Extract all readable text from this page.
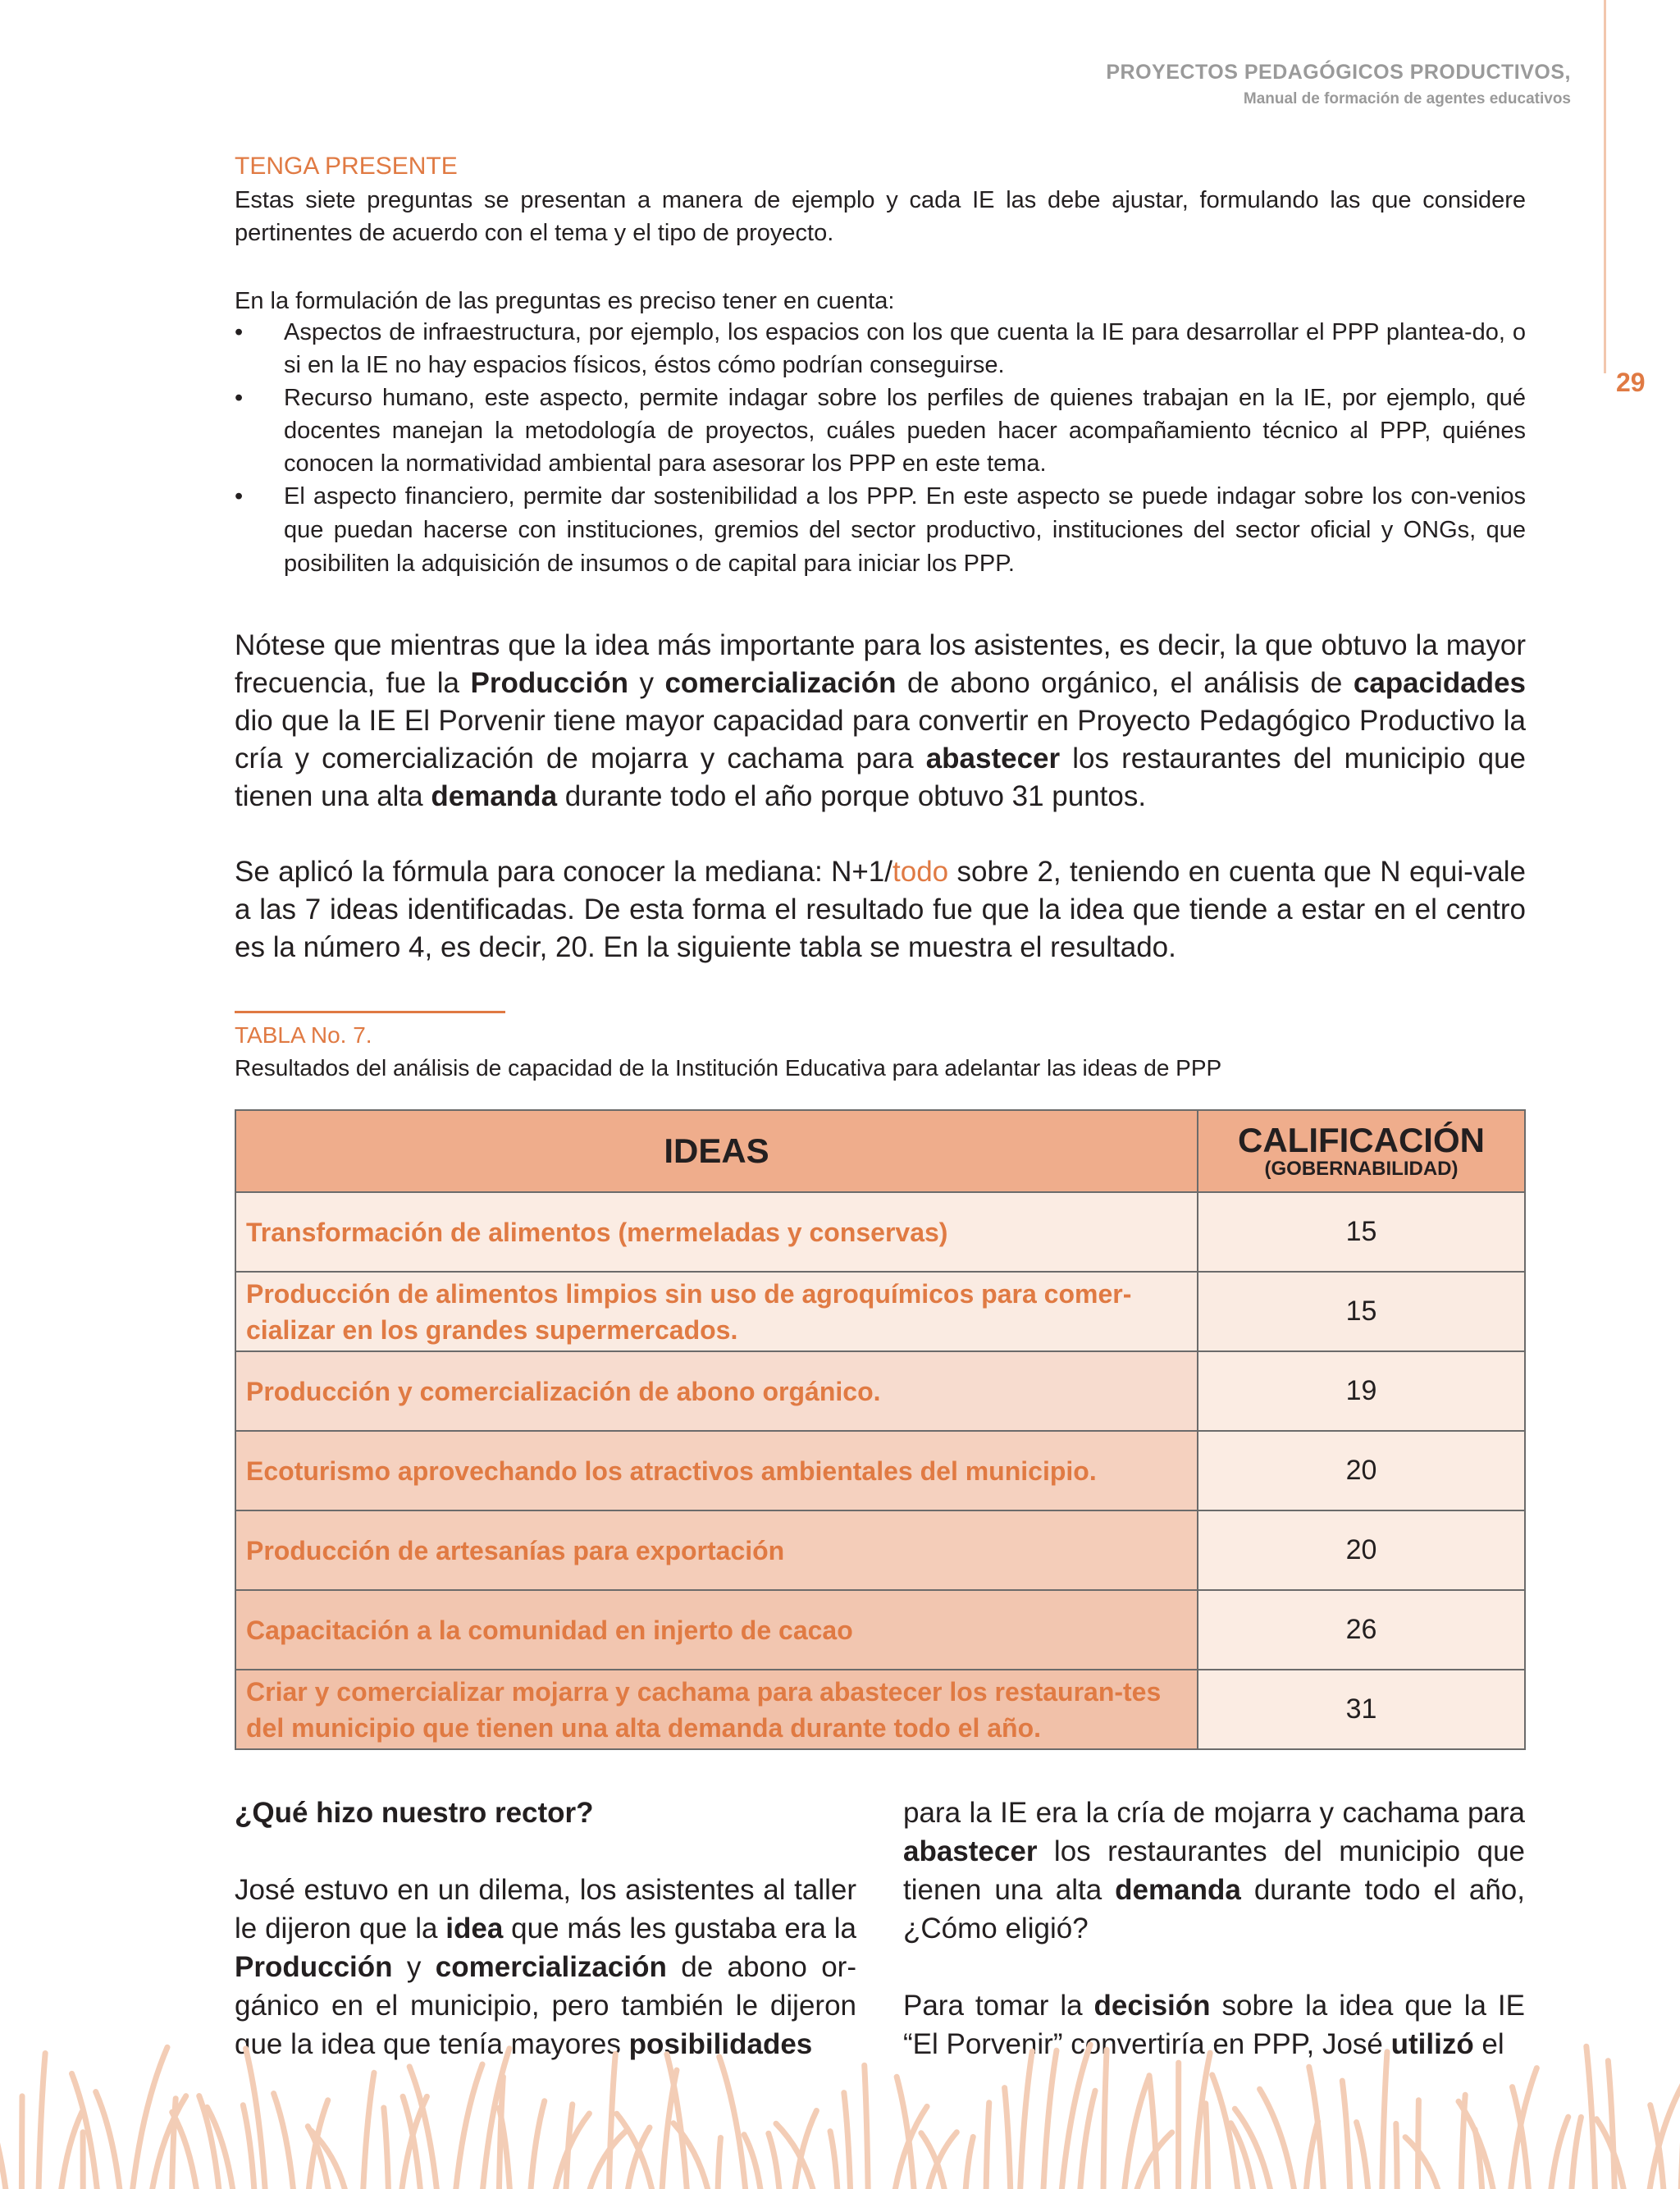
PROYECTOS PEDAGÓGICOS PRODUCTIVOS,
Manual de formación de agentes educativos
29
TENGA PRESENTE
Estas siete preguntas se presentan a manera de ejemplo y cada IE las debe ajustar, formulando las que considere pertinentes de acuerdo con el tema y el tipo de proyecto.
En la formulación de las preguntas es preciso tener en cuenta:
• Aspectos de infraestructura, por ejemplo, los espacios con los que cuenta la IE para desarrollar el PPP plantea-do, o si en la IE no hay espacios físicos, éstos cómo podrían conseguirse.
• Recurso humano, este aspecto, permite indagar sobre los perfiles de quienes trabajan en la IE, por ejemplo, qué docentes manejan la metodología de proyectos, cuáles pueden hacer acompañamiento técnico al PPP, quiénes conocen la normatividad ambiental para asesorar los PPP en este tema.
• El aspecto financiero, permite dar sostenibilidad a los PPP. En este aspecto se puede indagar sobre los con-venios que puedan hacerse con instituciones, gremios del sector productivo, instituciones del sector oficial y ONGs, que posibiliten la adquisición de insumos o de capital para iniciar los PPP.

Nótese que mientras que la idea más importante para los asistentes, es decir, la que obtuvo la mayor frecuencia, fue la Producción y comercialización de abono orgánico, el análisis de capacidades dio que la IE El Porvenir tiene mayor capacidad para convertir en Proyecto Pedagógico Productivo la cría y comercialización de mojarra y cachama para abastecer los restaurantes del municipio que tienen una alta demanda durante todo el año porque obtuvo 31 puntos.

Se aplicó la fórmula para conocer la mediana: N+1/todo sobre 2, teniendo en cuenta que N equi-vale a las 7 ideas identificadas. De esta forma el resultado fue que la idea que tiende a estar en el centro es la número 4, es decir, 20. En la siguiente tabla se muestra el resultado.

TABLA No. 7.
Resultados del análisis de capacidad de la Institución Educativa para adelantar las ideas de PPP
IDEAS	CALIFICACIÓN
(GOBERNABILIDAD)

Transformación de alimentos (mermeladas y conservas)	15
Producción de alimentos limpios sin uso de agroquímicos para comer-cializar en los grandes supermercados.	15
Producción y comercialización de abono orgánico.	19
Ecoturismo aprovechando los atractivos ambientales del municipio.	20
Producción de artesanías para exportación	20
Capacitación a la comunidad en injerto de cacao	26
Criar y comercializar mojarra y cachama para abastecer los restauran-tes del municipio que tienen una alta demanda durante todo el año.	31
¿Qué hizo nuestro rector?
José estuvo en un dilema, los asistentes al taller le dijeron que la idea que más les gustaba era la Producción y comercialización de abono or-gánico en el municipio, pero también le dijeron que la idea que tenía mayores posibilidades
para la IE era la cría de mojarra y cachama para abastecer los restaurantes del municipio que tienen una alta demanda durante todo el año, ¿Cómo eligió?
Para tomar la decisión sobre la idea que la IE “El Porvenir” convertiría en PPP, José utilizó el
